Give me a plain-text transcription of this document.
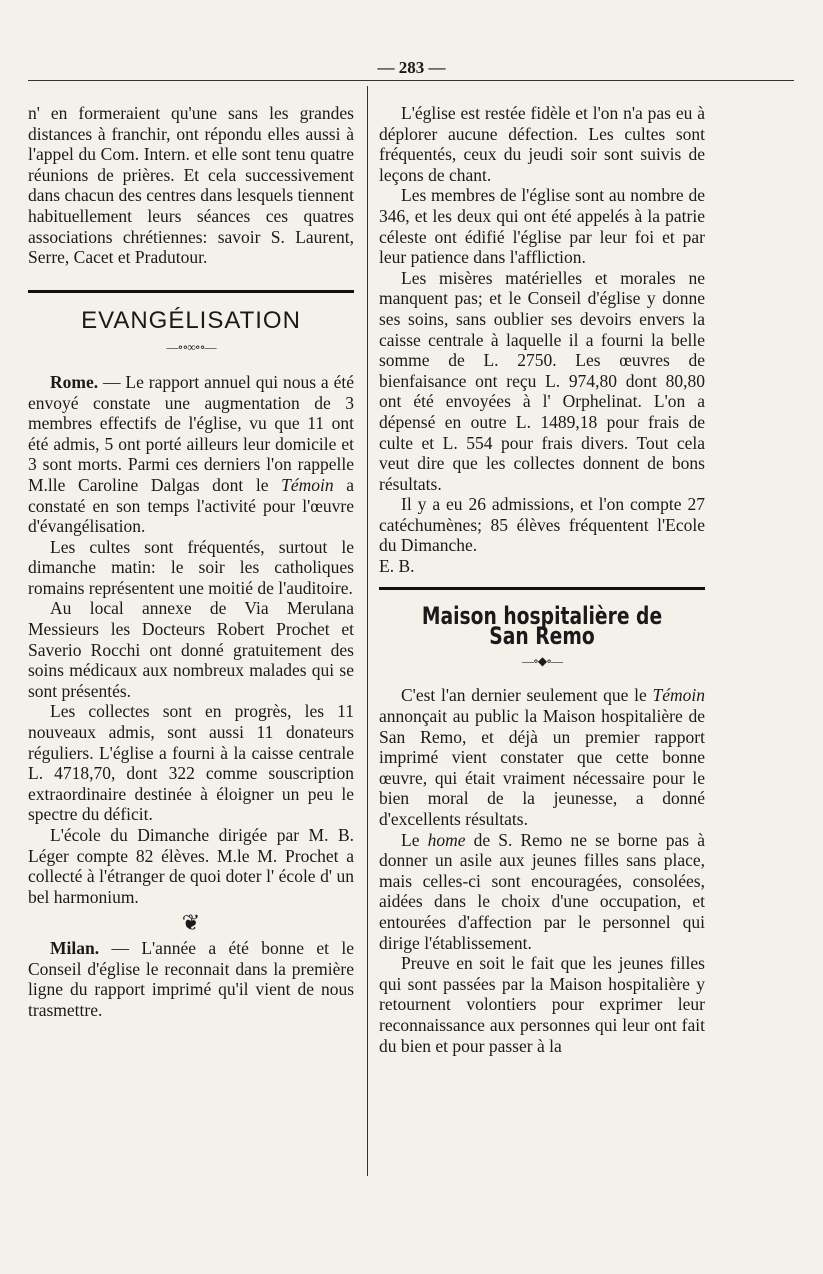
— 283 —

n' en formeraient qu'une sans les grandes distances à franchir, ont répondu elles aussi à l'appel du Com. Intern. et elle sont tenu quatre réunions de prières. Et cela successivement dans chacun des centres dans lesquels tiennent habituellement leurs séances ces quatres associations chrétiennes: savoir S. Laurent, Serre, Cacet et Pradutour.

EVANGÉLISATION
—∘∘∞∘∘—

Rome. — Le rapport annuel qui nous a été envoyé constate une augmentation de 3 membres effectifs de l'église, vu que 11 ont été admis, 5 ont porté ailleurs leur domicile et 3 sont morts. Parmi ces derniers l'on rappelle M.lle Caroline Dalgas dont le Témoin a constaté en son temps l'activité pour l'œuvre d'évangélisation.

Les cultes sont fréquentés, surtout le dimanche matin: le soir les catholiques romains représentent une moitié de l'auditoire.

Au local annexe de Via Merulana Messieurs les Docteurs Robert Prochet et Saverio Rocchi ont donné gratuitement des soins médicaux aux nombreux malades qui se sont présentés.

Les collectes sont en progrès, les 11 nouveaux admis, sont aussi 11 donateurs réguliers. L'église a fourni à la caisse centrale L. 4718,70, dont 322 comme souscription extraordinaire destinée à éloigner un peu le spectre du déficit.

L'école du Dimanche dirigée par M. B. Léger compte 82 élèves. M.le M. Prochet a collecté à l'étranger de quoi doter l' école d' un bel harmonium.

❦

Milan. — L'année a été bonne et le Conseil d'église le reconnait dans la première ligne du rapport imprimé qu'il vient de nous trasmettre.

L'église est restée fidèle et l'on n'a pas eu à déplorer aucune défection. Les cultes sont fréquentés, ceux du jeudi soir sont suivis de leçons de chant.

Les membres de l'église sont au nombre de 346, et les deux qui ont été appelés à la patrie céleste ont édifié l'église par leur foi et par leur patience dans l'affliction.

Les misères matérielles et morales ne manquent pas; et le Conseil d'église y donne ses soins, sans oublier ses devoirs envers la caisse centrale à laquelle il a fourni la belle somme de L. 2750. Les œuvres de bienfaisance ont reçu L. 974,80 dont 80,80 ont été envoyées à l' Orphelinat. L'on a dépensé en outre L. 1489,18 pour frais de culte et L. 554 pour frais divers. Tout cela veut dire que les collectes donnent de bons résultats.

Il y a eu 26 admissions, et l'on compte 27 catéchumènes; 85 élèves fréquentent l'Ecole du Dimanche.

E. B.

Maison hospitalière de San Remo
—∘◆∘—

C'est l'an dernier seulement que le Témoin annonçait au public la Maison hospitalière de San Remo, et déjà un premier rapport imprimé vient constater que cette bonne œuvre, qui était vraiment nécessaire pour le bien moral de la jeunesse, a donné d'excellents résultats.

Le home de S. Remo ne se borne pas à donner un asile aux jeunes filles sans place, mais celles-ci sont encouragées, consolées, aidées dans le choix d'une occupation, et entourées d'affection par le personnel qui dirige l'établissement.

Preuve en soit le fait que les jeunes filles qui sont passées par la Maison hospitalière y retournent volontiers pour exprimer leur reconnaissance aux personnes qui leur ont fait du bien et pour passer à la
